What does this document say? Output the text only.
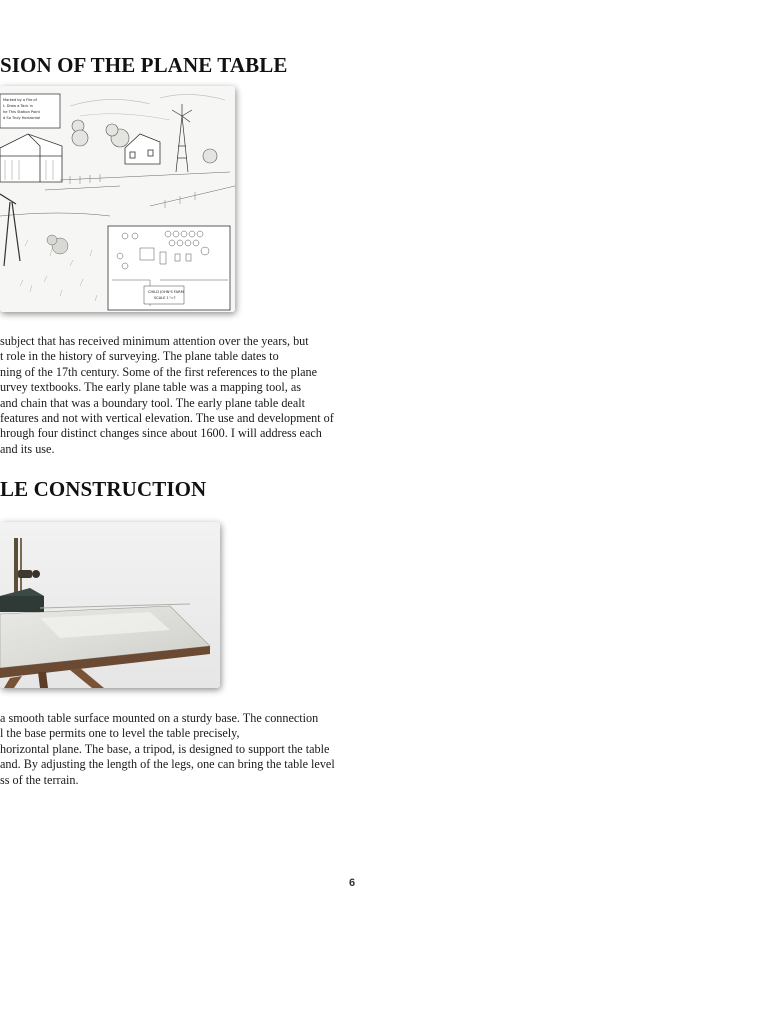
SION OF THE PLANE TABLE
Marked by a File of
t. Draw a Tack in
he This Station Point
d So Truly Horizontal
CHILD JOHN'S FARM
SCALE 1"=?
subject that has received minimum attention over the years, but
t role in the history of surveying. The plane table dates to
ning of the 17th century. Some of the first references to the plane
urvey textbooks. The early plane table was a mapping tool, as
and chain that was a boundary tool. The early plane table dealt
features and not with vertical elevation. The use and development of
hrough four distinct changes since about 1600. I will address each
and its use.
LE CONSTRUCTION
a smooth table surface mounted on a sturdy base. The connection
l the base permits one to level the table precisely,
horizontal plane. The base, a tripod, is designed to support the table
and. By adjusting the length of the legs, one can bring the table level
ss of the terrain.
6
